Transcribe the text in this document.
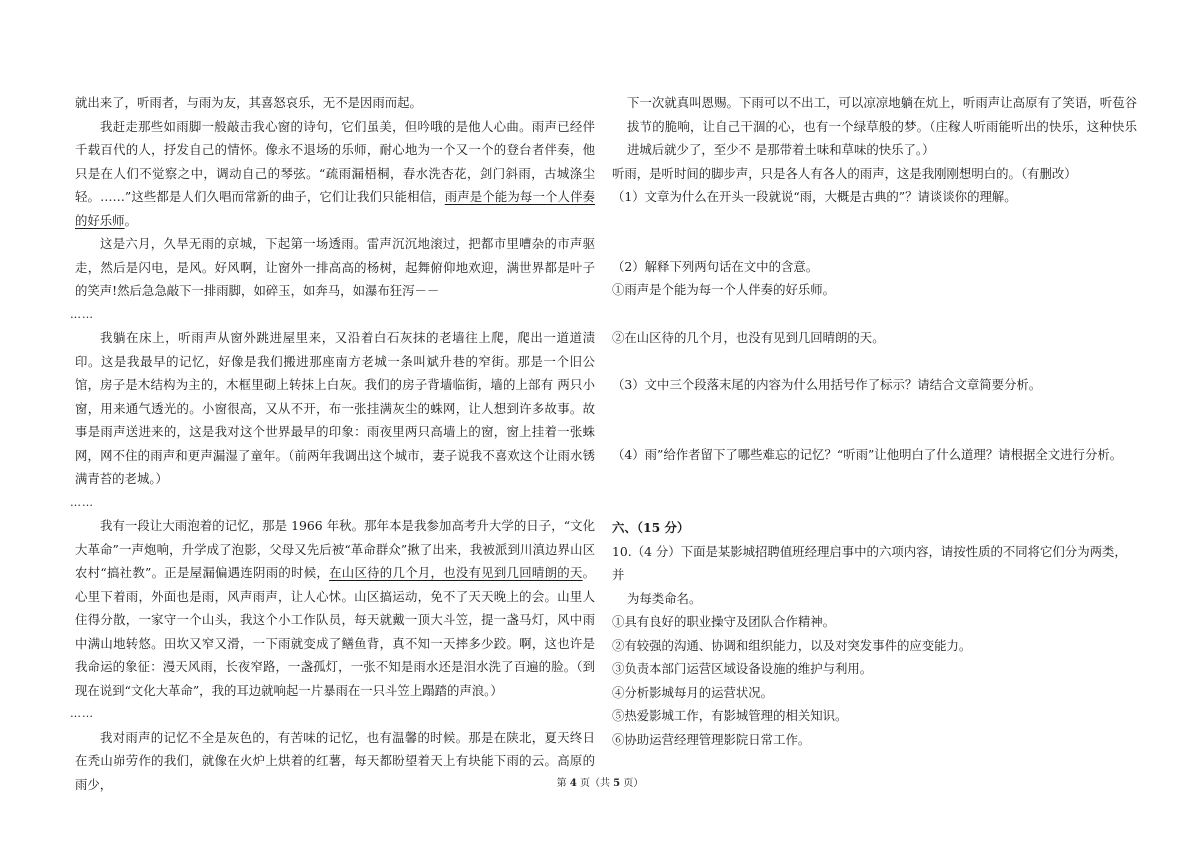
就出来了，听雨者，与雨为友，其喜怒哀乐，无不是因雨而起。

我赶走那些如雨脚一般敲击我心窗的诗句，它们虽美，但吟哦的是他人心曲。雨声已经伴千载百代的人，抒发自己的情怀。像永不退场的乐师，耐心地为一个又一个的登台者伴奏，他只是在人们不觉察之中，调动自己的琴弦。“疏雨漏梧桐，春水洗杏花，剑门斜雨，古城涤尘轻。……”这些都是人们久唱而常新的曲子，它们让我们只能相信，雨声是个能为每一个人伴奏的好乐师。

这是六月，久旱无雨的京城，下起第一场透雨。雷声沉沉地滚过，把都市里嘈杂的市声驱走，然后是闪电，是风。好风啊，让窗外一排高高的杨树，起舞俯仰地欢迎，满世界都是叶子的笑声!然后急急敲下一排雨脚，如碎玉，如奔马，如瀑布狂泻－－

……

我躺在床上，听雨声从窗外跳进屋里来，又沿着白石灰抹的老墙往上爬，爬出一道道渍印。这是我最早的记忆，好像是我们搬进那座南方老城一条叫斌升巷的窄街。那是一个旧公馆，房子是木结构为主的，木框里砌上转抹上白灰。我们的房子背墙临街，墙的上部有 两只小窗，用来通气透光的。小窗很高，又从不开，布一张挂满灰尘的蛛网，让人想到许多故事。故事是雨声送进来的，这是我对这个世界最早的印象：雨夜里两只高墙上的窗，窗上挂着一张蛛网，网不住的雨声和更声漏湿了童年。（前两年我调出这个城市，妻子说我不喜欢这个让雨水锈满青苔的老城。）

……

我有一段让大雨泡着的记忆，那是 1966 年秋。那年本是我参加高考升大学的日子，“文化大革命”一声炮响，升学成了泡影，父母又先后被“革命群众”揪了出来，我被派到川滇边界山区农村“搞社教”。正是屋漏偏遇连阴雨的时候，在山区待的几个月，也没有见到几回晴朗的天。心里下着雨，外面也是雨，风声雨声，让人心怵。山区搞运动，免不了天天晚上的会。山里人住得分散，一家守一个山头，我这个小工作队员，每天就戴一顶大斗笠，提一盏马灯，风中雨中满山地转悠。田坎又窄又滑，一下雨就变成了鳝鱼背，真不知一天摔多少跤。啊，这也许是我命运的象征：漫天风雨，长夜窄路，一盏孤灯，一张不知是雨水还是泪水洗了百遍的脸。（到现在说到“文化大革命”，我的耳边就响起一片暴雨在一只斗笠上蹋踏的声浪。）

……

我对雨声的记忆不全是灰色的，有苦味的记忆，也有温馨的时候。那是在陕北，夏天终日在秃山峁劳作的我们，就像在火炉上烘着的红薯，每天都盼望着天上有块能下雨的云。高原的雨少，

下一次就真叫恩赐。下雨可以不出工，可以凉凉地躺在炕上，听雨声让高原有了笑语，听苞谷拔节的脆响，让自己干涸的心，也有一个绿草般的梦。（庄稼人听雨能听出的快乐，这种快乐进城后就少了，至少不 是那带着土味和草味的快乐了。）

听雨，是听时间的脚步声，只是各人有各人的雨声，这是我刚刚想明白的。（有删改）

（1）文章为什么在开头一段就说“雨，大概是古典的”？请谈谈你的理解。

（2）解释下列两句话在文中的含意。

①雨声是个能为每一个人伴奏的好乐师。

②在山区待的几个月，也没有见到几回晴朗的天。

（3）文中三个段落末尾的内容为什么用括号作了标示？请结合文章简要分析。

（4）雨”给作者留下了哪些难忘的记忆？“听雨”让他明白了什么道理？请根据全文进行分析。

六、（15 分）

10.（4 分）下面是某影城招聘值班经理启事中的六项内容，请按性质的不同将它们分为两类，并

为每类命名。

①具有良好的职业操守及团队合作精神。

②有较强的沟通、协调和组织能力，以及对突发事件的应变能力。

③负责本部门运营区域设备设施的维护与利用。

④分析影城每月的运营状况。

⑤热爱影城工作，有影城管理的相关知识。

⑥协助运营经理管理影院日常工作。

第 4 页（共 5 页）
